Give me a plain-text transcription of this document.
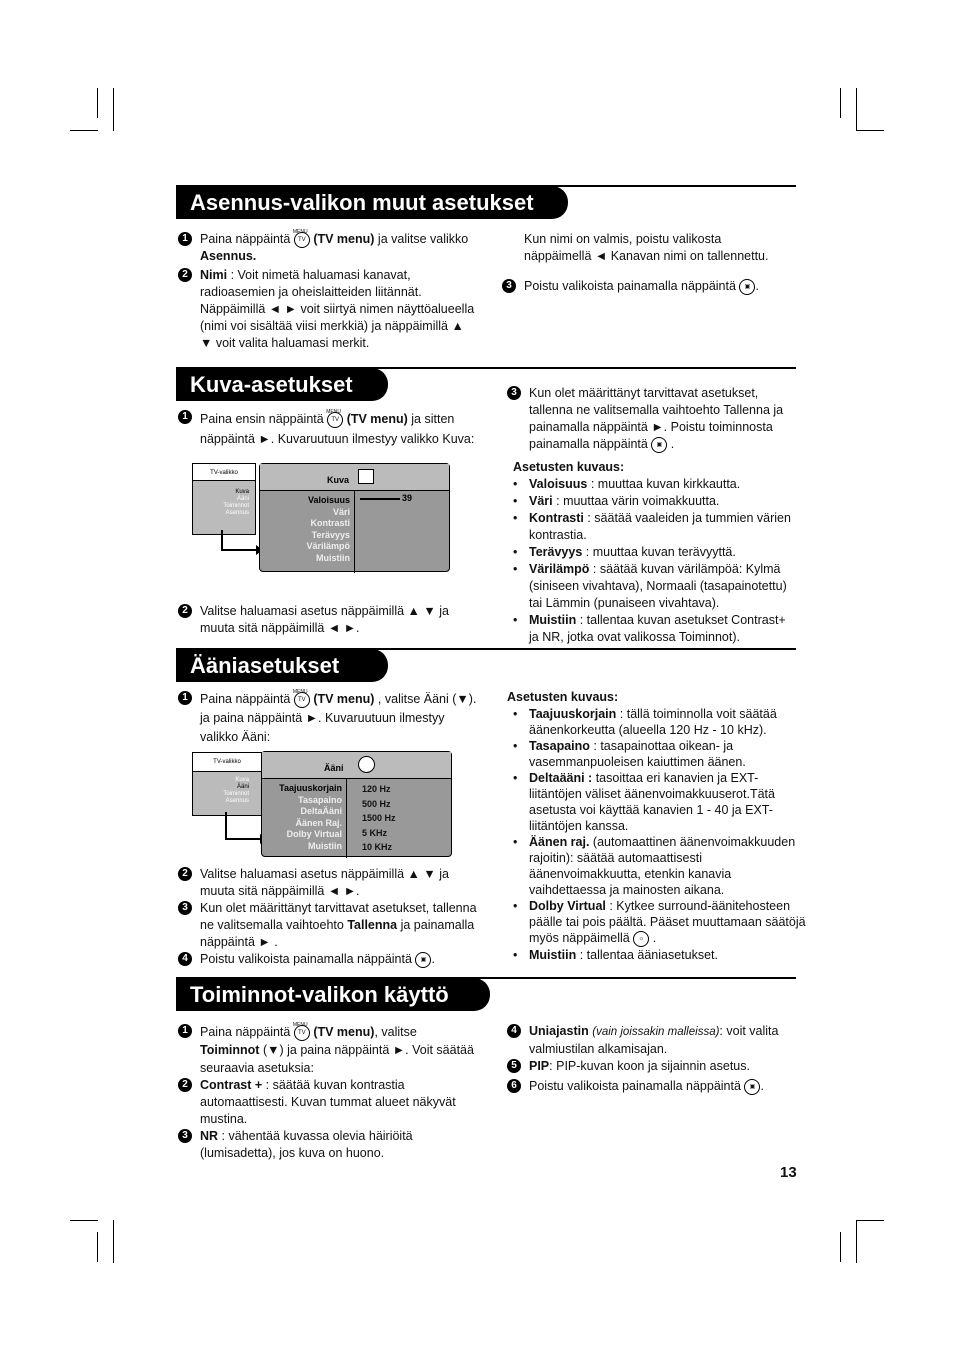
Asennus-valikon muut asetukset

1 Paina näppäintä MENU TV (TV menu) ja valitse valikko
Asennus.

2 Nimi : Voit nimetä haluamasi kanavat, radioasemien ja oheislaitteiden liitännät. Näppäimillä ◄ ► voit siirtyä nimen näyttöalueella (nimi voi sisältää viisi merkkiä) ja näppäimillä ▲ ▼ voit valita haluamasi merkit.

Kun nimi on valmis, poistu valikosta näppäimellä ◄ Kanavan nimi on tallennettu.

3 Poistu valikoista painamalla näppäintä ▣ .

Kuva-asetukset

1 Paina ensin näppäintä MENU TV (TV menu) ja sitten näppäintä ►. Kuvaruutuun ilmestyy valikko Kuva:

TV-valikko
Kuva
Ääni
Toiminnot
Asennus
Kuva
Valoisuus
Väri
Kontrasti
Terävyys
Värilämpö
Muistiin
39

2 Valitse haluamasi asetus näppäimillä ▲ ▼ ja muuta sitä näppäimillä ◄ ►.

3 Kun olet määrittänyt tarvittavat asetukset, tallenna ne valitsemalla vaihtoehto Tallenna ja painamalla näppäintä ►. Poistu toiminnosta painamalla näppäintä ▣ .

Asetusten kuvaus:
• Valoisuus : muuttaa kuvan kirkkautta.
• Väri : muuttaa värin voimakkuutta.
• Kontrasti : säätää vaaleiden ja tummien värien kontrastia.
• Terävyys : muuttaa kuvan terävyyttä.
• Värilämpö : säätää kuvan värilämpöä: Kylmä (siniseen vivahtava), Normaali (tasapainotettu) tai Lämmin (punaiseen vivahtava).
• Muistiin : tallentaa kuvan asetukset Contrast+ ja NR, jotka ovat valikossa Toiminnot).
Ääniasetukset

1 Paina näppäintä MENU TV (TV menu) , valitse Ääni (▼). ja paina näppäintä ►. Kuvaruutuun ilmestyy valikko Ääni:

TV-valikko
Kuva
Ääni
Toiminnot
Asennus
Ääni
Taajuuskorjain
Tasapaino
DeltaÄäni
Äänen Raj.
Dolby Virtual
Muistiin
120 Hz
500 Hz
1500 Hz
5 KHz
10 KHz

2 Valitse haluamasi asetus näppäimillä ▲ ▼ ja muuta sitä näppäimillä ◄ ►.

3 Kun olet määrittänyt tarvittavat asetukset, tallenna ne valitsemalla vaihtoehto Tallenna ja painamalla näppäintä ► .

4 Poistu valikoista painamalla näppäintä ▣ .

Asetusten kuvaus:
• Taajuuskorjain : tällä toiminnolla voit säätää äänenkorkeutta (alueella 120 Hz - 10 kHz).
• Tasapaino : tasapainottaa oikean- ja vasemmanpuoleisen kaiuttimen äänen.
• Deltaääni : tasoittaa eri kanavien ja EXT-liitäntöjen väliset äänenvoimakkuuserot.Tätä asetusta voi käyttää kanavien 1 - 40 ja EXT-liitäntöjen kanssa.
• Äänen raj. (automaattinen äänenvoimakkuuden rajoitin): säätää automaattisesti äänenvoimakkuutta, etenkin kanavia vaihdettaessa ja mainosten aikana.
• Dolby Virtual : Kytkee surround-äänitehosteen päälle tai pois päältä. Pääset muuttamaan säätöjä myös näppäimellä ☼ .
• Muistiin : tallentaa ääniasetukset.
Toiminnot-valikon käyttö

1 Paina näppäintä MENU TV (TV menu), valitse Toiminnot (▼) ja paina näppäintä ►. Voit säätää seuraavia asetuksia:

2 Contrast + : säätää kuvan kontrastia automaattisesti. Kuvan tummat alueet näkyvät mustina.

3 NR : vähentää kuvassa olevia häiriöitä (lumisadetta), jos kuva on huono.

4 Uniajastin (vain joissakin malleissa): voit valita valmiustilan alkamisajan.

5 PIP: PIP-kuvan koon ja sijainnin asetus.

6 Poistu valikoista painamalla näppäintä ▣ .

13
